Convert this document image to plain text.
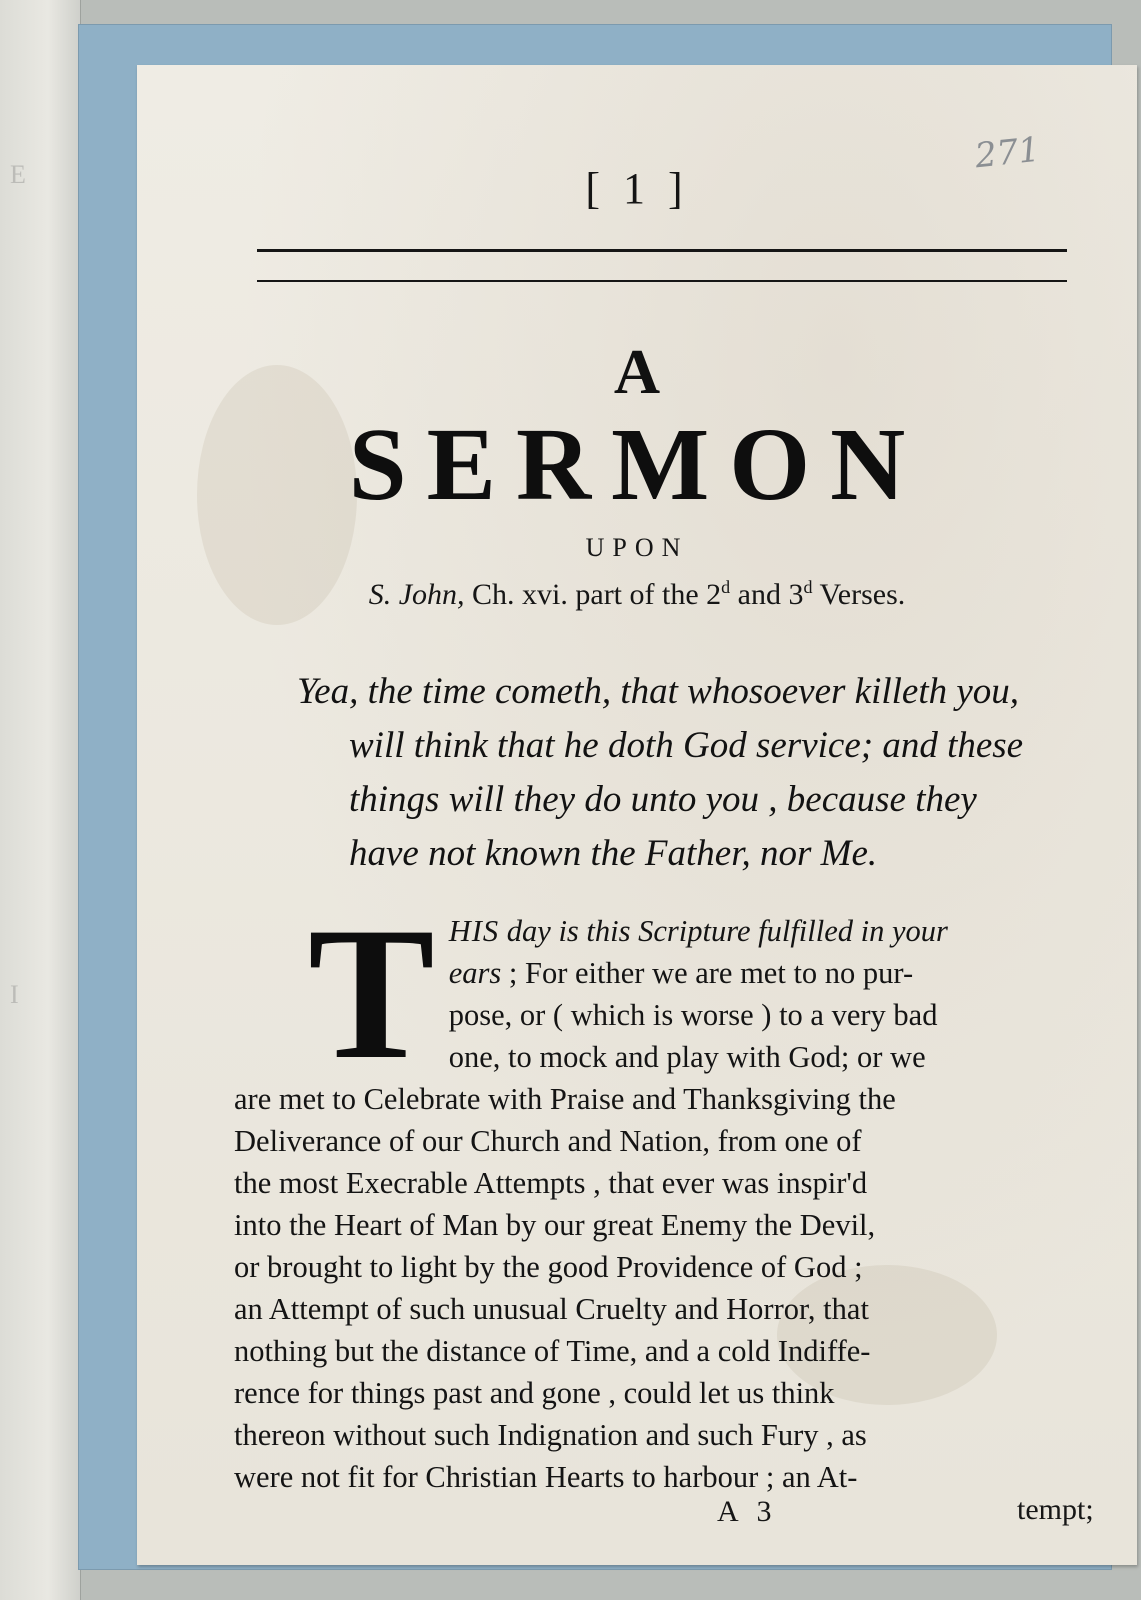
E
I
271
[ 1 ]
A
SERMON
UPON
S. John, Ch. xvi. part of the 2$^d$ and 3$^d$ Verses.
Yea, the time cometh, that whosoever killeth you,
will think that he doth God service; and these
things will they do unto you , because they
have not known the Father, nor Me.
T HIS day is this Scripture fulfilled in your
ears ; For either we are met to no pur-
pose, or ( which is worse ) to a very bad
one, to mock and play with God; or we
are met to Celebrate with Praise and Thanksgiving the
Deliverance of our Church and Nation, from one of
the most Execrable Attempts , that ever was inspir'd
into the Heart of Man by our great Enemy the Devil,
or brought to light by the good Providence of God ;
an Attempt of such unusual Cruelty and Horror, that
nothing but the distance of Time, and a cold Indiffe-
rence for things past and gone , could let us think
thereon without such Indignation and such Fury , as
were not fit for Christian Hearts to harbour ; an At-
A 3	tempt;
